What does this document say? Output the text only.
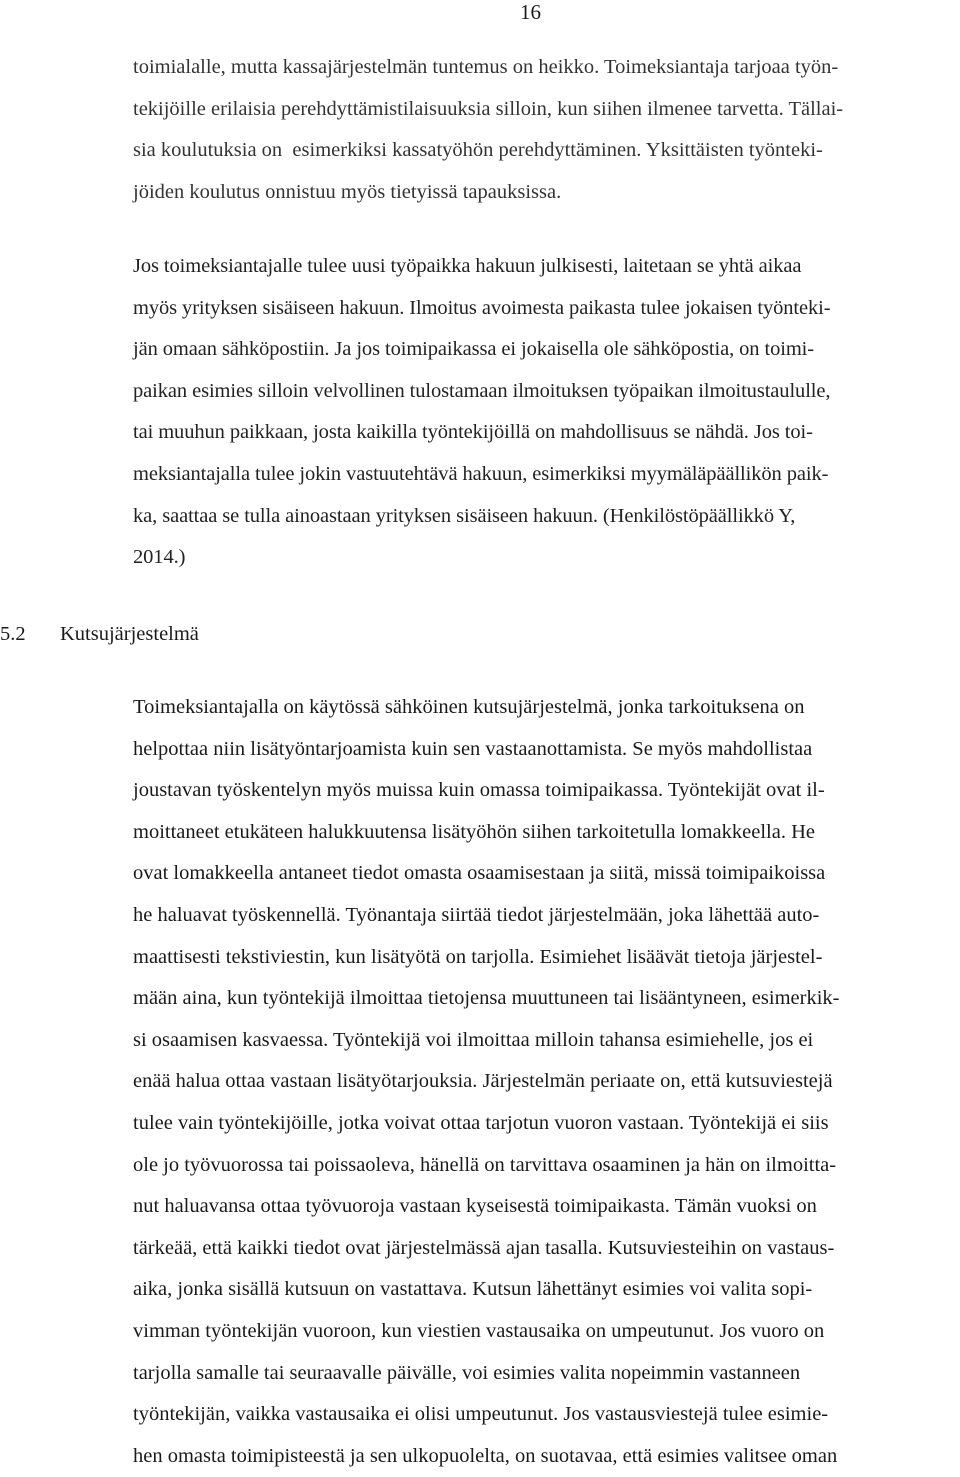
16
toimialalle, mutta kassajärjestelmän tuntemus on heikko. Toimeksiantaja tarjoaa työn-
tekijöille erilaisia perehdyttämistilaisuuksia silloin, kun siihen ilmenee tarvetta. Tällai-
sia koulutuksia on  esimerkiksi kassatyöhön perehdyttäminen. Yksittäisten työnteki-
jöiden koulutus onnistuu myös tietyissä tapauksissa.
Jos toimeksiantajalle tulee uusi työpaikka hakuun julkisesti, laitetaan se yhtä aikaa
myös yrityksen sisäiseen hakuun. Ilmoitus avoimesta paikasta tulee jokaisen työnteki-
jän omaan sähköpostiin. Ja jos toimipaikassa ei jokaisella ole sähköpostia, on toimi-
paikan esimies silloin velvollinen tulostamaan ilmoituksen työpaikan ilmoitustaululle,
tai muuhun paikkaan, josta kaikilla työntekijöillä on mahdollisuus se nähdä. Jos toi-
meksiantajalla tulee jokin vastuutehtävä hakuun, esimerkiksi myymäläpäällikön paik-
ka, saattaa se tulla ainoastaan yrityksen sisäiseen hakuun. (Henkilöstöpäällikkö Y,
2014.)
5.2 Kutsujärjestelmä
Toimeksiantajalla on käytössä sähköinen kutsujärjestelmä, jonka tarkoituksena on
helpottaa niin lisätyöntarjoamista kuin sen vastaanottamista. Se myös mahdollistaa
joustavan työskentelyn myös muissa kuin omassa toimipaikassa. Työntekijät ovat il-
moittaneet etukäteen halukkuutensa lisätyöhön siihen tarkoitetulla lomakkeella. He
ovat lomakkeella antaneet tiedot omasta osaamisestaan ja siitä, missä toimipaikoissa
he haluavat työskennellä. Työnantaja siirtää tiedot järjestelmään, joka lähettää auto-
maattisesti tekstiviestin, kun lisätyötä on tarjolla. Esimiehet lisäävät tietoja järjestel-
mään aina, kun työntekijä ilmoittaa tietojensa muuttuneen tai lisääntyneen, esimerkik-
si osaamisen kasvaessa. Työntekijä voi ilmoittaa milloin tahansa esimiehelle, jos ei
enää halua ottaa vastaan lisätyötarjouksia. Järjestelmän periaate on, että kutsuviestejä
tulee vain työntekijöille, jotka voivat ottaa tarjotun vuoron vastaan. Työntekijä ei siis
ole jo työvuorossa tai poissaoleva, hänellä on tarvittava osaaminen ja hän on ilmoitta-
nut haluavansa ottaa työvuoroja vastaan kyseisestä toimipaikasta. Tämän vuoksi on
tärkeää, että kaikki tiedot ovat järjestelmässä ajan tasalla. Kutsuviesteihin on vastaus-
aika, jonka sisällä kutsuun on vastattava. Kutsun lähettänyt esimies voi valita sopi-
vimman työntekijän vuoroon, kun viestien vastausaika on umpeutunut. Jos vuoro on
tarjolla samalle tai seuraavalle päivälle, voi esimies valita nopeimmin vastanneen
työntekijän, vaikka vastausaika ei olisi umpeutunut. Jos vastausviestejä tulee esimie-
hen omasta toimipisteestä ja sen ulkopuolelta, on suotavaa, että esimies valitsee oman
